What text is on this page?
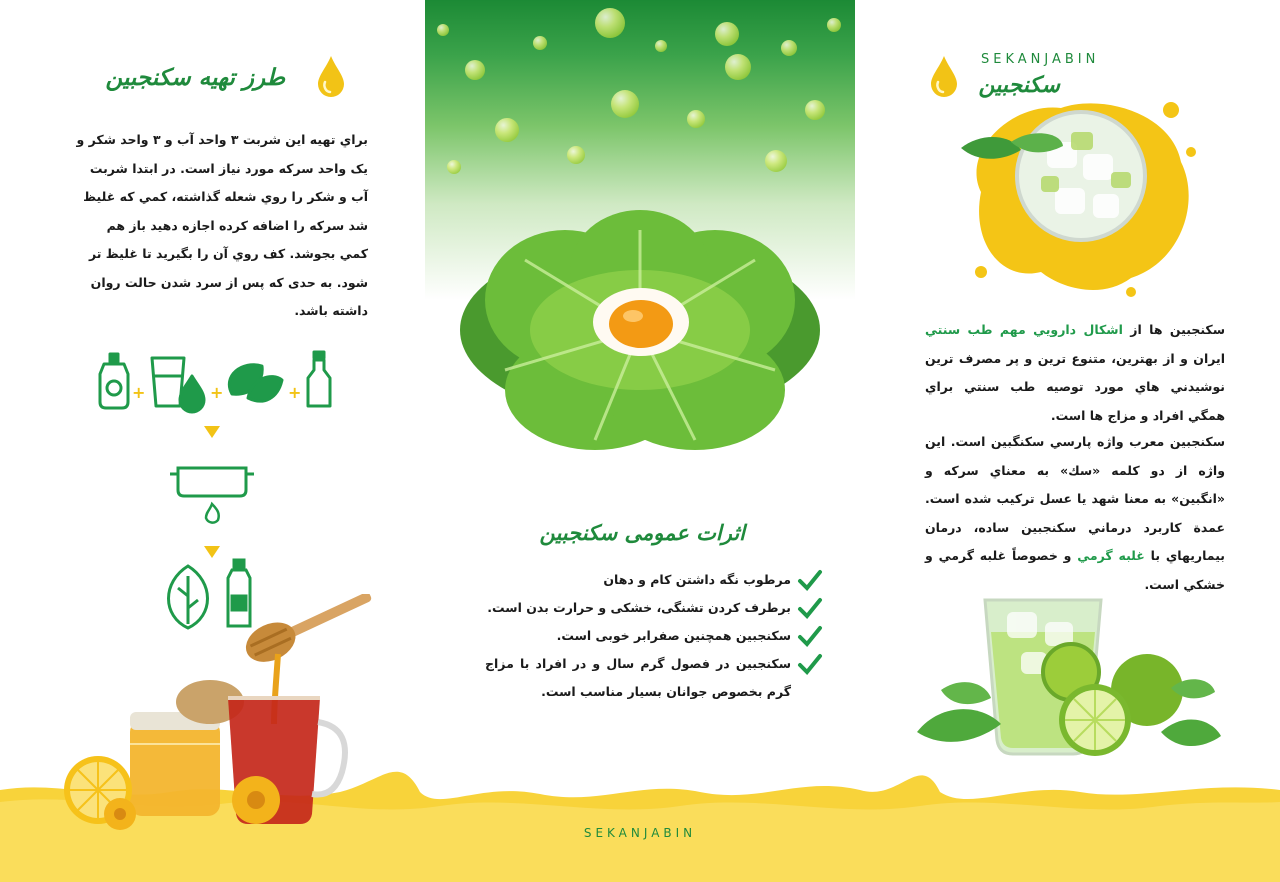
SEKANJABIN
طرز تهیه سکنجبین
براي تهيه اين شربت ۳ واحد آب و ۳ واحد شکر و
يک واحد سرکه مورد نياز است. در ابتدا شربت
آب و شکر را روي شعله گذاشته، کمي که غليظ
شد سرکه را اضافه کرده اجازه دهيد باز هم
کمي بجوشد. کف روي آن را بگيريد تا غليظ تر
شود. به حدی که پس از سرد شدن حالت روان
داشته باشد.
+	+	+
اثرات عمومی سکنجبین
مرطوب نگه داشتن کام و دهان
برطرف کردن تشنگی، خشکی و حرارت بدن است.
سکنجبين همچنين صفرابر خوبی است.
سکنجبين در فصول گرم سال و در افراد با مزاج گرم بخصوص جوانان بسيار مناسب است.
SEKANJABIN
سکنجبین
سکنجبين ها از اشکال دارويي مهم طب سنتي ايران و از بهترين، متنوع ترين و پر مصرف ترين نوشيدني هاي مورد توصيه طب سنتي براي همگي افراد و مزاج ها است.
سکنجبين معرب واژه پارسي سکنگبين است. اين واژه از دو کلمه «سك» به معناي سرکه و «انگبين» به معنا شهد يا عسل ترکيب شده است. عمدة کاربرد درماني سکنجبين ساده، درمان بيماريهاي با غلبه گرمي و خصوصاً غلبه گرمي و خشکي است.
